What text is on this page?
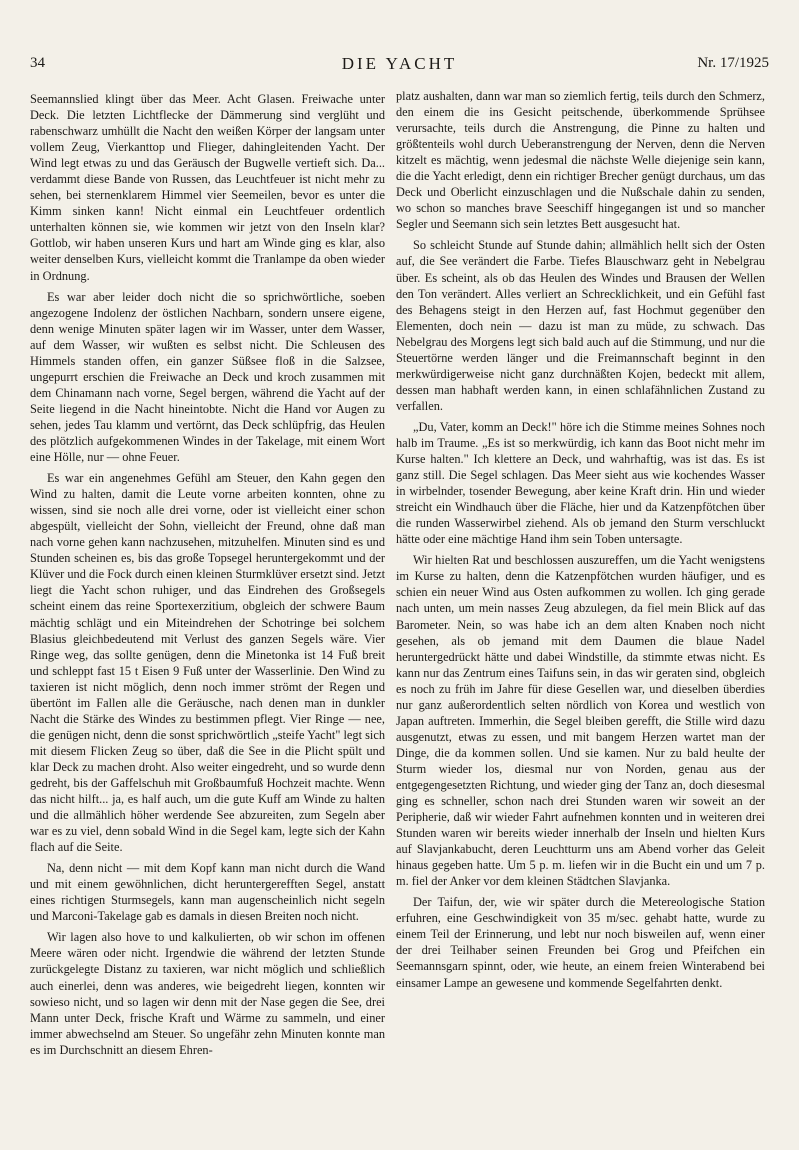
34	DIE YACHT	Nr. 17/1925

Seemannslied klingt über das Meer. Acht Glasen. Freiwache unter Deck. Die letzten Lichtflecke der Dämmerung sind verglüht und rabenschwarz umhüllt die Nacht den weißen Körper der langsam unter vollem Zeug, Vierkanttop und Flieger, dahingleitenden Yacht. Der Wind legt etwas zu und das Geräusch der Bugwelle vertieft sich. Da... verdammt diese Bande von Russen, das Leuchtfeuer ist nicht mehr zu sehen, bei sternenklarem Himmel vier Seemeilen, bevor es unter die Kimm sinken kann! Nicht einmal ein Leuchtfeuer ordentlich unterhalten können sie, wie kommen wir jetzt von den Inseln klar? Gottlob, wir haben unseren Kurs und hart am Winde ging es klar, also weiter denselben Kurs, vielleicht kommt die Tranlampe da oben wieder in Ordnung.

Es war aber leider doch nicht die so sprichwörtliche, soeben angezogene Indolenz der östlichen Nachbarn, sondern unsere eigene, denn wenige Minuten später lagen wir im Wasser, unter dem Wasser, auf dem Wasser, wir wußten es selbst nicht. Die Schleusen des Himmels standen offen, ein ganzer Süßsee floß in die Salzsee, ungepurrt erschien die Freiwache an Deck und kroch zusammen mit dem Chinamann nach vorne, Segel bergen, während die Yacht auf der Seite liegend in die Nacht hineintobte. Nicht die Hand vor Augen zu sehen, jedes Tau klamm und vertörnt, das Deck schlüpfrig, das Heulen des plötzlich aufgekommenen Windes in der Takelage, mit einem Wort eine Hölle, nur — ohne Feuer.

Es war ein angenehmes Gefühl am Steuer, den Kahn gegen den Wind zu halten, damit die Leute vorne arbeiten konnten, ohne zu wissen, sind sie noch alle drei vorne, oder ist vielleicht einer schon abgespült, vielleicht der Sohn, vielleicht der Freund, ohne daß man nach vorne gehen kann nachzusehen, mitzuhelfen. Minuten sind es und Stunden scheinen es, bis das große Topsegel heruntergekommt und der Klüver und die Fock durch einen kleinen Sturmklüver ersetzt sind. Jetzt liegt die Yacht schon ruhiger, und das Eindrehen des Großsegels scheint einem das reine Sportexerzitium, obgleich der schwere Baum mächtig schlägt und ein Miteindrehen der Schotringe bei solchem Blasius gleichbedeutend mit Verlust des ganzen Segels wäre. Vier Ringe weg, das sollte genügen, denn die Minetonka ist 14 Fuß breit und schleppt fast 15 t Eisen 9 Fuß unter der Wasserlinie. Den Wind zu taxieren ist nicht möglich, denn noch immer strömt der Regen und übertönt im Fallen alle die Geräusche, nach denen man in dunkler Nacht die Stärke des Windes zu bestimmen pflegt. Vier Ringe — nee, die genügen nicht, denn die sonst sprichwörtlich „steife Yacht" legt sich mit diesem Flicken Zeug so über, daß die See in die Plicht spült und klar Deck zu machen droht. Also weiter eingedreht, und so wurde denn gedreht, bis der Gaffelschuh mit Großbaumfuß Hochzeit machte. Wenn das nicht hilft... ja, es half auch, um die gute Kuff am Winde zu halten und die allmählich höher werdende See abzureiten, zum Segeln aber war es zu viel, denn sobald Wind in die Segel kam, legte sich der Kahn flach auf die Seite.

Na, denn nicht — mit dem Kopf kann man nicht durch die Wand und mit einem gewöhnlichen, dicht heruntergerefften Segel, anstatt eines richtigen Sturmsegels, kann man augenscheinlich nicht segeln und Marconi-Takelage gab es damals in diesen Breiten noch nicht.

Wir lagen also hove to und kalkulierten, ob wir schon im offenen Meere wären oder nicht. Irgendwie die während der letzten Stunde zurückgelegte Distanz zu taxieren, war nicht möglich und schließlich auch einerlei, denn was anderes, wie beigedreht liegen, konnten wir sowieso nicht, und so lagen wir denn mit der Nase gegen die See, drei Mann unter Deck, frische Kraft und Wärme zu sammeln, und einer immer abwechselnd am Steuer. So ungefähr zehn Minuten konnte man es im Durchschnitt an diesem Ehren-

platz aushalten, dann war man so ziemlich fertig, teils durch den Schmerz, den einem die ins Gesicht peitschende, überkommende Sprühsee verursachte, teils durch die Anstrengung, die Pinne zu halten und größtenteils wohl durch Ueberanstrengung der Nerven, denn die Nerven kitzelt es mächtig, wenn jedesmal die nächste Welle diejenige sein kann, die die Yacht erledigt, denn ein richtiger Brecher genügt durchaus, um das Deck und Oberlicht einzuschlagen und die Nußschale dahin zu senden, wo schon so manches brave Seeschiff hingegangen ist und so mancher Segler und Seemann sich sein letztes Bett ausgesucht hat.

So schleicht Stunde auf Stunde dahin; allmählich hellt sich der Osten auf, die See verändert die Farbe. Tiefes Blauschwarz geht in Nebelgrau über. Es scheint, als ob das Heulen des Windes und Brausen der Wellen den Ton verändert. Alles verliert an Schrecklichkeit, und ein Gefühl fast des Behagens steigt in den Herzen auf, fast Hochmut gegenüber den Elementen, doch nein — dazu ist man zu müde, zu schwach. Das Nebelgrau des Morgens legt sich bald auch auf die Stimmung, und nur die Steuertörne werden länger und die Freimannschaft beginnt in den merkwürdigerweise nicht ganz durchnäßten Kojen, bedeckt mit allem, dessen man habhaft werden kann, in einen schlafähnlichen Zustand zu verfallen.

„Du, Vater, komm an Deck!" höre ich die Stimme meines Sohnes noch halb im Traume. „Es ist so merkwürdig, ich kann das Boot nicht mehr im Kurse halten." Ich klettere an Deck, und wahrhaftig, was ist das. Es ist ganz still. Die Segel schlagen. Das Meer sieht aus wie kochendes Wasser in wirbelnder, tosender Bewegung, aber keine Kraft drin. Hin und wieder streicht ein Windhauch über die Fläche, hier und da Katzenpfötchen über die runden Wasserwirbel ziehend. Als ob jemand den Sturm verschluckt hätte oder eine mächtige Hand ihm sein Toben untersagte.

Wir hielten Rat und beschlossen auszureffen, um die Yacht wenigstens im Kurse zu halten, denn die Katzenpfötchen wurden häufiger, und es schien ein neuer Wind aus Osten aufkommen zu wollen. Ich ging gerade nach unten, um mein nasses Zeug abzulegen, da fiel mein Blick auf das Barometer. Nein, so was habe ich an dem alten Knaben noch nicht gesehen, als ob jemand mit dem Daumen die blaue Nadel heruntergedrückt hätte und dabei Windstille, da stimmte etwas nicht. Es kann nur das Zentrum eines Taifuns sein, in das wir geraten sind, obgleich es noch zu früh im Jahre für diese Gesellen war, und dieselben überdies nur ganz außerordentlich selten nördlich von Korea und westlich von Japan auftreten. Immerhin, die Segel bleiben gerefft, die Stille wird dazu ausgenutzt, etwas zu essen, und mit bangem Herzen wartet man der Dinge, die da kommen sollen. Und sie kamen. Nur zu bald heulte der Sturm wieder los, diesmal nur von Norden, genau aus der entgegengesetzten Richtung, und wieder ging der Tanz an, doch diesesmal ging es schneller, schon nach drei Stunden waren wir soweit an der Peripherie, daß wir wieder Fahrt aufnehmen konnten und in weiteren drei Stunden waren wir bereits wieder innerhalb der Inseln und hielten Kurs auf Slavjankabucht, deren Leuchtturm uns am Abend vorher das Geleit hinaus gegeben hatte. Um 5 p. m. liefen wir in die Bucht ein und um 7 p. m. fiel der Anker vor dem kleinen Städtchen Slavjanka.

Der Taifun, der, wie wir später durch die Metereologische Station erfuhren, eine Geschwindigkeit von 35 m/sec. gehabt hatte, wurde zu einem Teil der Erinnerung, und lebt nur noch bisweilen auf, wenn einer der drei Teilhaber seinen Freunden bei Grog und Pfeifchen ein Seemannsgarn spinnt, oder, wie heute, an einem freien Winterabend bei einsamer Lampe an gewesene und kommende Segelfahrten denkt.
